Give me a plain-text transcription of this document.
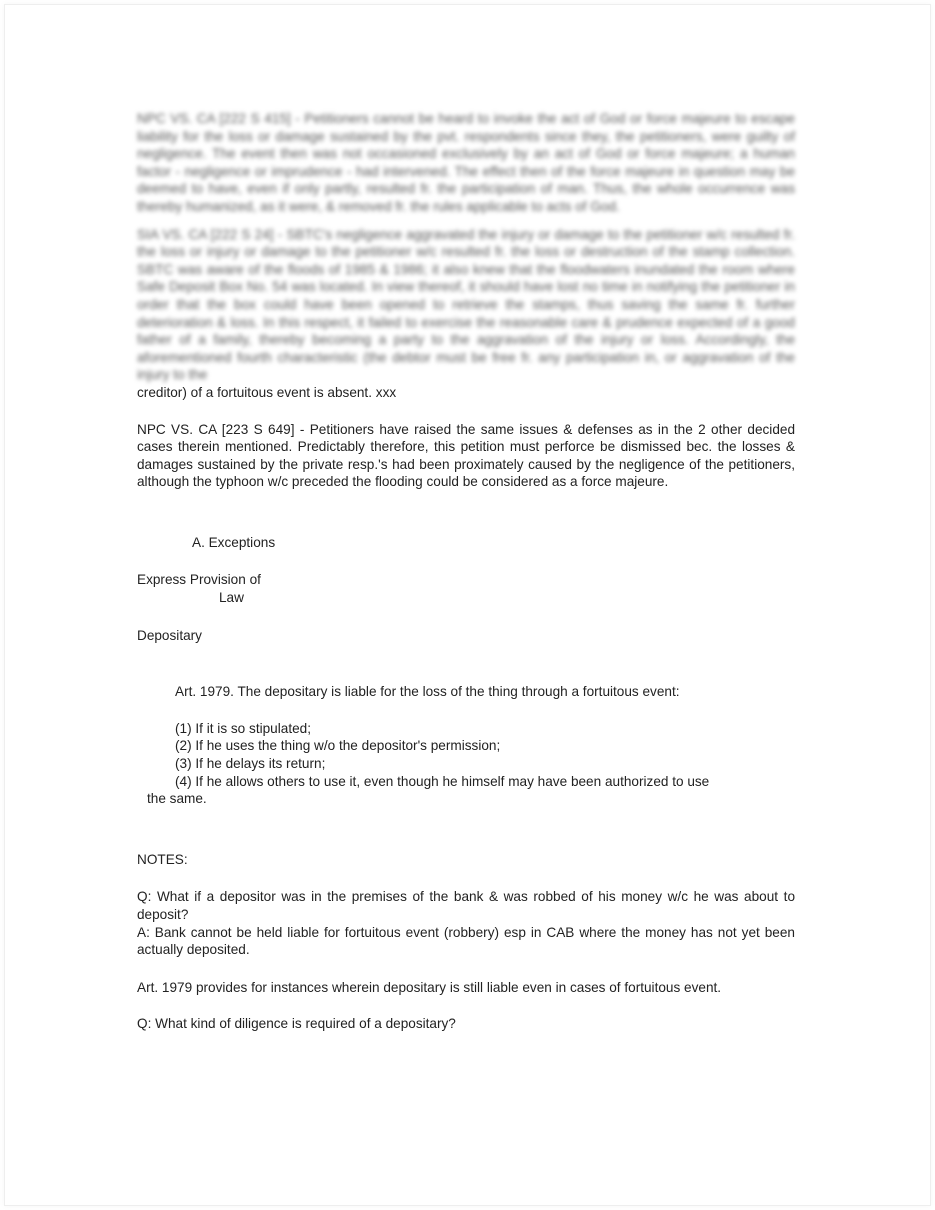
NPC VS. CA [222 S 415] - Petitioners cannot be heard to invoke the act of God or force majeure to escape liability for the loss or damage sustained by the pvt. respondents since they, the petitioners, were guilty of negligence. The event then was not occasioned exclusively by an act of God or force majeure; a human factor - negligence or imprudence - had intervened. The effect then of the force majeure in question may be deemed to have, even if only partly, resulted fr. the participation of man. Thus, the whole occurrence was thereby humanized, as it were, & removed fr. the rules applicable to acts of God.

SIA VS. CA [222 S 24] - SBTC's negligence aggravated the injury or damage to the petitioner w/c resulted fr. the loss or injury or damage to the petitioner w/c resulted fr. the loss or destruction of the stamp collection. SBTC was aware of the floods of 1985 & 1986; it also knew that the floodwaters inundated the room where Safe Deposit Box No. 54 was located. In view thereof, it should have lost no time in notifying the petitioner in order that the box could have been opened to retrieve the stamps, thus saving the same fr. further deterioration & loss. In this respect, it failed to exercise the reasonable care & prudence expected of a good father of a family, thereby becoming a party to the aggravation of the injury or loss. Accordingly, the aforementioned fourth characteristic (the debtor must be free fr. any participation in, or aggravation of the injury to the

creditor) of a fortuitous event is absent. xxx

NPC VS. CA [223 S 649] - Petitioners have raised the same issues & defenses as in the 2 other decided cases therein mentioned. Predictably therefore, this petition must perforce be dismissed bec. the losses & damages sustained by the private resp.'s had been proximately caused by the negligence of the petitioners, although the typhoon w/c preceded the flooding could be considered as a force majeure.

A. Exceptions

Express Provision of

Law

Depositary

Art. 1979. The depositary is liable for the loss of the thing through a fortuitous event:

(1) If it is so stipulated;

(2) If he uses the thing w/o the depositor's permission;

(3) If he delays its return;

(4) If he allows others to use it, even though he himself may have been authorized to use

the same.

NOTES:

Q: What if a depositor was in the premises of the bank & was robbed of his money w/c he was about to deposit?

A: Bank cannot be held liable for fortuitous event (robbery) esp in CAB where the money has not yet been actually deposited.

Art. 1979 provides for instances wherein depositary is still liable even in cases of fortuitous event.

Q: What kind of diligence is required of a depositary?
